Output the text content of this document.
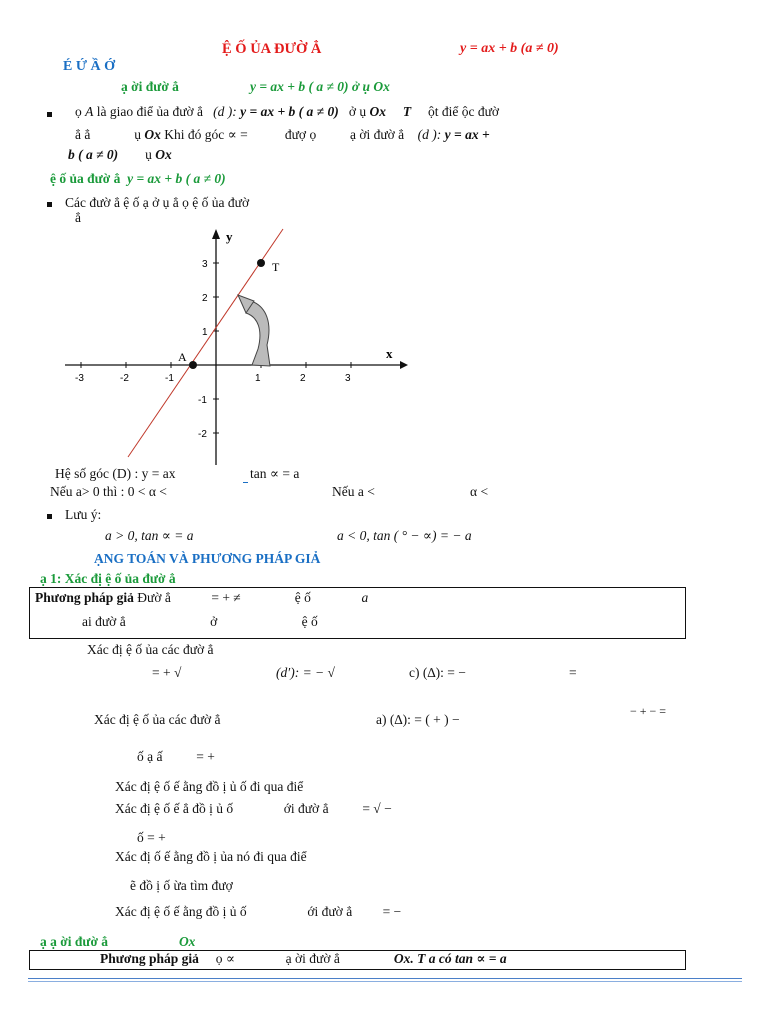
Ệ Ố ỦA ĐƯỜ Ẳ	y = ax + b (a ≠ 0)
É Ứ Ầ Ớ
ạ ời đườ ẳ	y = ax + b ( a ≠ 0) ở ụ Ox
ọ A là giao điể ủa đườ ẳ (d ): y = ax + b ( a ≠ 0) ở ụ Ox T ột điể ộc đườ
ẳ ẳ	ụ Ox Khi đó góc ∝ =	đượ ọ	ạ ời đườ ẳ (d ): y = ax +
b ( a ≠ 0) ụ Ox
ệ ố ủa đườ ẳ y = ax + b ( a ≠ 0)
Các đườ ẳ ệ ố ạ ở ụ ẳ ọ ệ ố ủa đườ
ẳ
y
x
-3	-2	-1	1	2	3
3
2
1
-1
-2
A
T
Hệ số góc (D) : y = ax	tan ∝ = a
Nếu a> 0 thì : 0 < α <	Nếu a <	α <
Lưu ý:
a > 0, tan ∝ = a	a < 0, tan ( ° − ∝) = − a
ẠNG TOÁN VÀ PHƯƠNG PHÁP GIẢ
ạ 1: Xác đị ệ ố ủa đườ ẳ
Phương pháp giả Đườ ẳ	= + ≠	ệ ố	a
ai đườ ẳ	ở	ệ ố
Xác đị ệ ố ủa các đườ ẳ
= + √	(d′): = − √	c) (∆): = −	=
Xác đị ệ ố ủa các đườ ẳ	a) (∆): = ( + ) −
− + − =
ố ạ ấ	= +
Xác đị ệ ố ế ằng đồ ị ủ ố đi qua điể
Xác đị ệ ố ế ẳ đồ ị ủ ố	ới đườ ẳ	= √ −
ố = +
Xác đị ố ế ằng đồ ị ủa nó đi qua điể
ẽ đồ ị ố ừa tìm đượ
Xác đị ệ ố ế ằng đồ ị ủ ố	ới đườ ẳ = −
ạ ạ ời đườ ẳ	Ox
Phương pháp giả ọ ∝	ạ ời đườ ẳ	Ox. T a có tan ∝ = a
